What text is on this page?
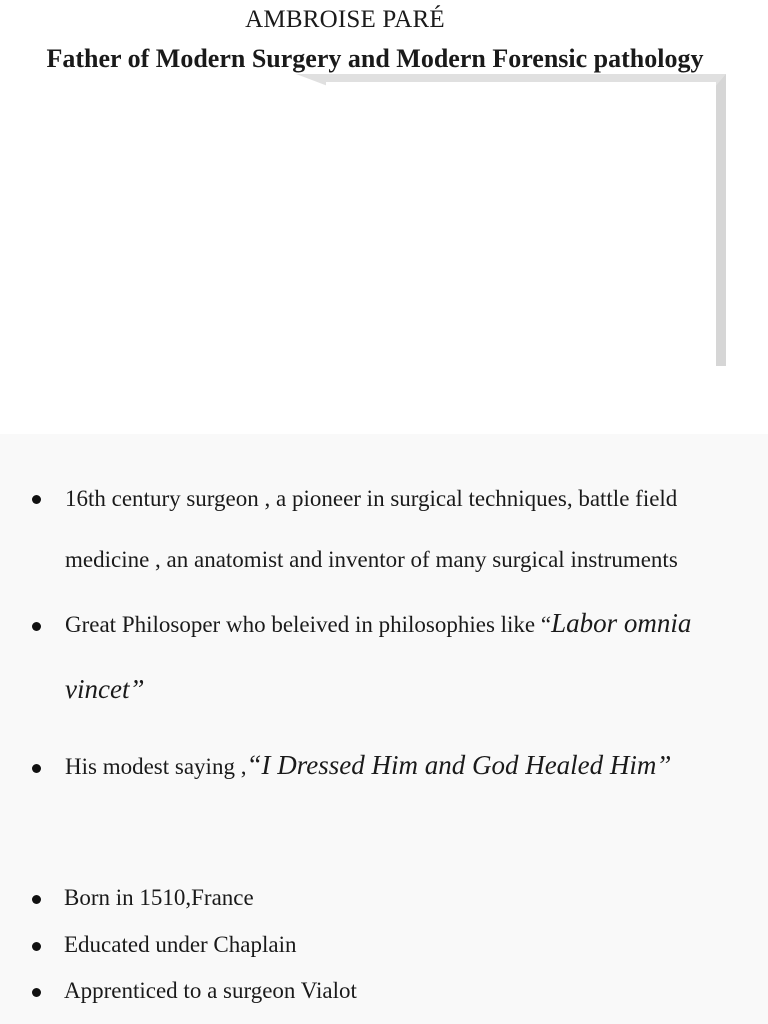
AMBROISE PARÉ
Father of Modern Surgery and Modern Forensic pathology

16th century surgeon , a pioneer in surgical techniques, battle field

medicine , an anatomist and inventor of many surgical instruments

Great Philosoper who beleived in philosophies like “Labor omnia

vincet”

His modest saying ,“I Dressed Him and God Healed Him”

Born in 1510,France

Educated under Chaplain

Apprenticed to a surgeon Vialot
